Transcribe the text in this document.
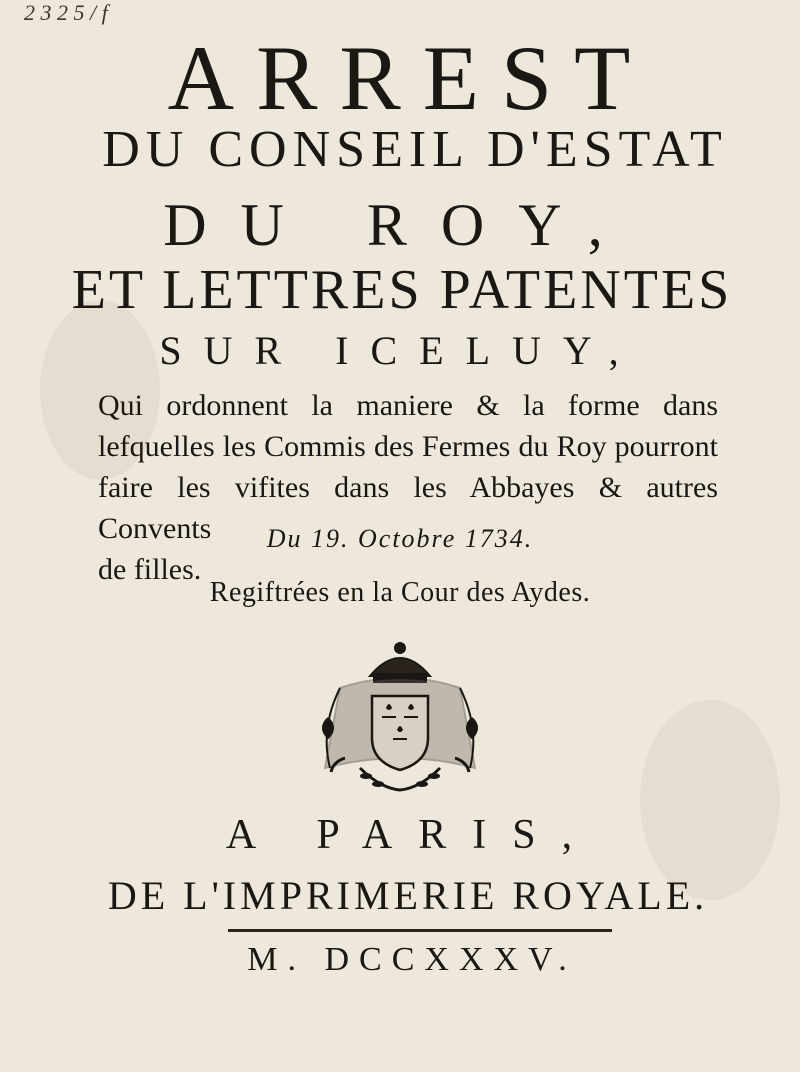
2 3 2 5 / f
ARREST
DU CONSEIL D'ESTAT
DU ROY,
ET LETTRES PATENTES
SUR ICELUY,
Qui ordonnent la maniere & la forme dans lefquelles les Commis des Fermes du Roy pourront faire les vifites dans les Abbayes & autres Convents
de filles.
Du 19. Octobre 1734.
Regiftrées en la Cour des Aydes.
A PARIS,
DE L'IMPRIMERIE ROYALE.
M. DCCXXXV.
